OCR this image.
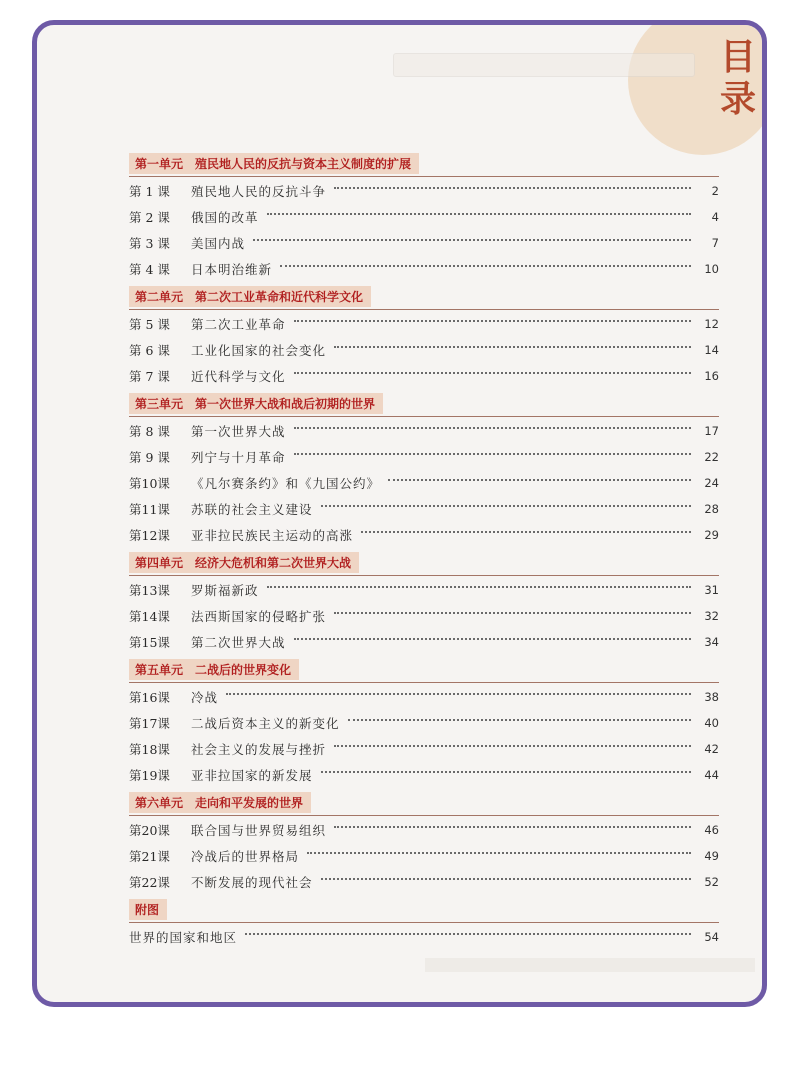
目录
第一单元 殖民地人民的反抗与资本主义制度的扩展
第 1 课	殖民地人民的反抗斗争	2
第 2 课	俄国的改革	4
第 3 课	美国内战	7
第 4 课	日本明治维新	10
第二单元 第二次工业革命和近代科学文化
第 5 课	第二次工业革命	12
第 6 课	工业化国家的社会变化	14
第 7 课	近代科学与文化	16
第三单元 第一次世界大战和战后初期的世界
第 8 课	第一次世界大战	17
第 9 课	列宁与十月革命	22
第10课	《凡尔赛条约》和《九国公约》	24
第11课	苏联的社会主义建设	28
第12课	亚非拉民族民主运动的高涨	29
第四单元 经济大危机和第二次世界大战
第13课	罗斯福新政	31
第14课	法西斯国家的侵略扩张	32
第15课	第二次世界大战	34
第五单元 二战后的世界变化
第16课	冷战	38
第17课	二战后资本主义的新变化	40
第18课	社会主义的发展与挫折	42
第19课	亚非拉国家的新发展	44
第六单元 走向和平发展的世界
第20课	联合国与世界贸易组织	46
第21课	冷战后的世界格局	49
第22课	不断发展的现代社会	52
附图
世界的国家和地区	54
